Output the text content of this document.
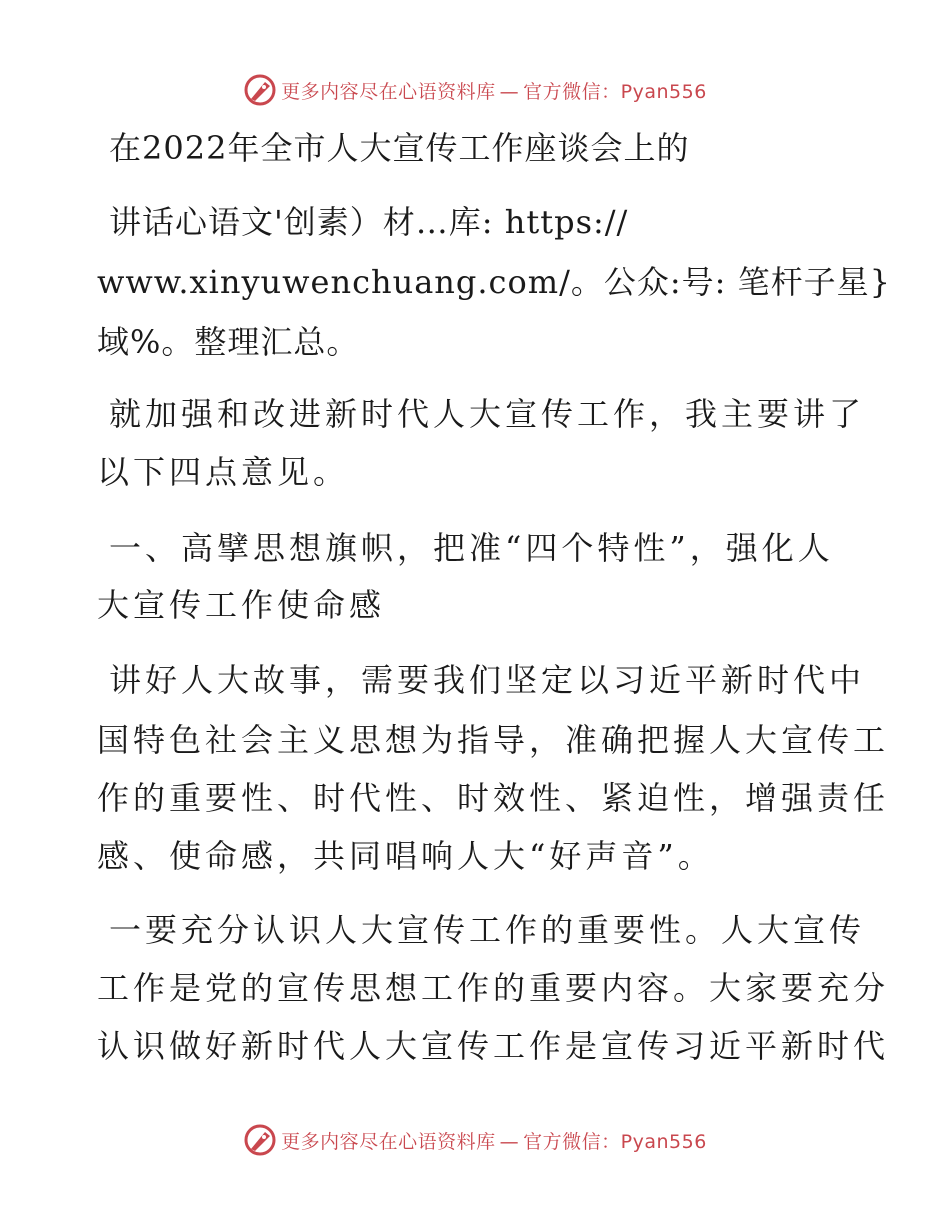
更多内容尽在心语资料库 — 官方微信：Pyan556
在2022年全市人大宣传工作座谈会上的
讲话心语文'创素）材…库: https://
www.xinyuwenchuang.com/。公众:号: 笔杆子星}
域%。整理汇总。
就加强和改进新时代人大宣传工作，我主要讲了
以下四点意见。
一、高擘思想旗帜，把准“四个特性”，强化人
大宣传工作使命感
讲好人大故事，需要我们坚定以习近平新时代中
国特色社会主义思想为指导，准确把握人大宣传工
作的重要性、时代性、时效性、紧迫性，增强责任
感、使命感，共同唱响人大“好声音”。
一要充分认识人大宣传工作的重要性。人大宣传
工作是党的宣传思想工作的重要内容。大家要充分
认识做好新时代人大宣传工作是宣传习近平新时代
更多内容尽在心语资料库 — 官方微信：Pyan556
